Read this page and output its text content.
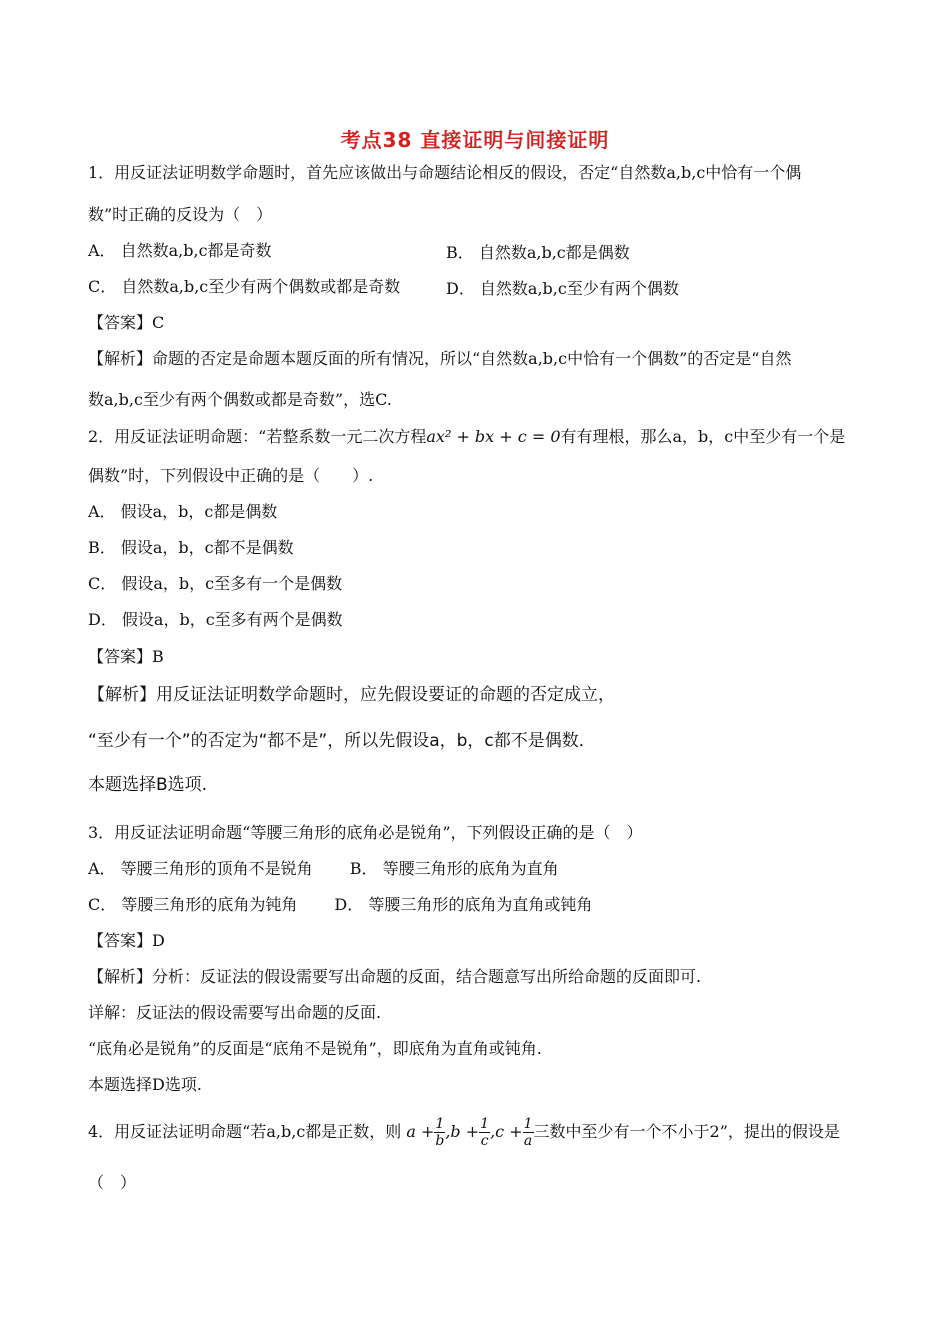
考点38 直接证明与间接证明
1．用反证法证明数学命题时，首先应该做出与命题结论相反的假设，否定“自然数a,b,c中恰有一个偶
数”时正确的反设为（　）
A． 自然数a,b,c都是奇数	B． 自然数a,b,c都是偶数
C． 自然数a,b,c至少有两个偶数或都是奇数	D． 自然数a,b,c至少有两个偶数
【答案】C
【解析】命题的否定是命题本题反面的所有情况，所以“自然数a,b,c中恰有一个偶数”的否定是“自然
数a,b,c至少有两个偶数或都是奇数”，选C.
2．用反证法证明命题：“若整系数一元二次方程ax² + bx + c = 0有有理根，那么a，b，c中至少有一个是
偶数”时，下列假设中正确的是（　　）.
A． 假设a，b，c都是偶数
B． 假设a，b，c都不是偶数
C． 假设a，b，c至多有一个是偶数
D． 假设a，b，c至多有两个是偶数
【答案】B
【解析】用反证法证明数学命题时，应先假设要证的命题的否定成立，
“至少有一个”的否定为“都不是”，所以先假设a，b，c都不是偶数．
本题选择B选项.
3．用反证法证明命题“等腰三角形的底角必是锐角”，下列假设正确的是（　）
A． 等腰三角形的顶角不是锐角　　 B． 等腰三角形的底角为直角
C． 等腰三角形的底角为钝角　　 D． 等腰三角形的底角为直角或钝角
【答案】D
【解析】分析：反证法的假设需要写出命题的反面，结合题意写出所给命题的反面即可.
详解：反证法的假设需要写出命题的反面.
“底角必是锐角”的反面是“底角不是锐角”，即底角为直角或钝角.
本题选择D选项.
4．用反证法证明命题“若a,b,c都是正数，则 $a + \frac{1}{b} ,b + \frac{1}{c} ,c + \frac{1}{a}$ 三数中至少有一个不小于2”，提出的假设是
（　）
